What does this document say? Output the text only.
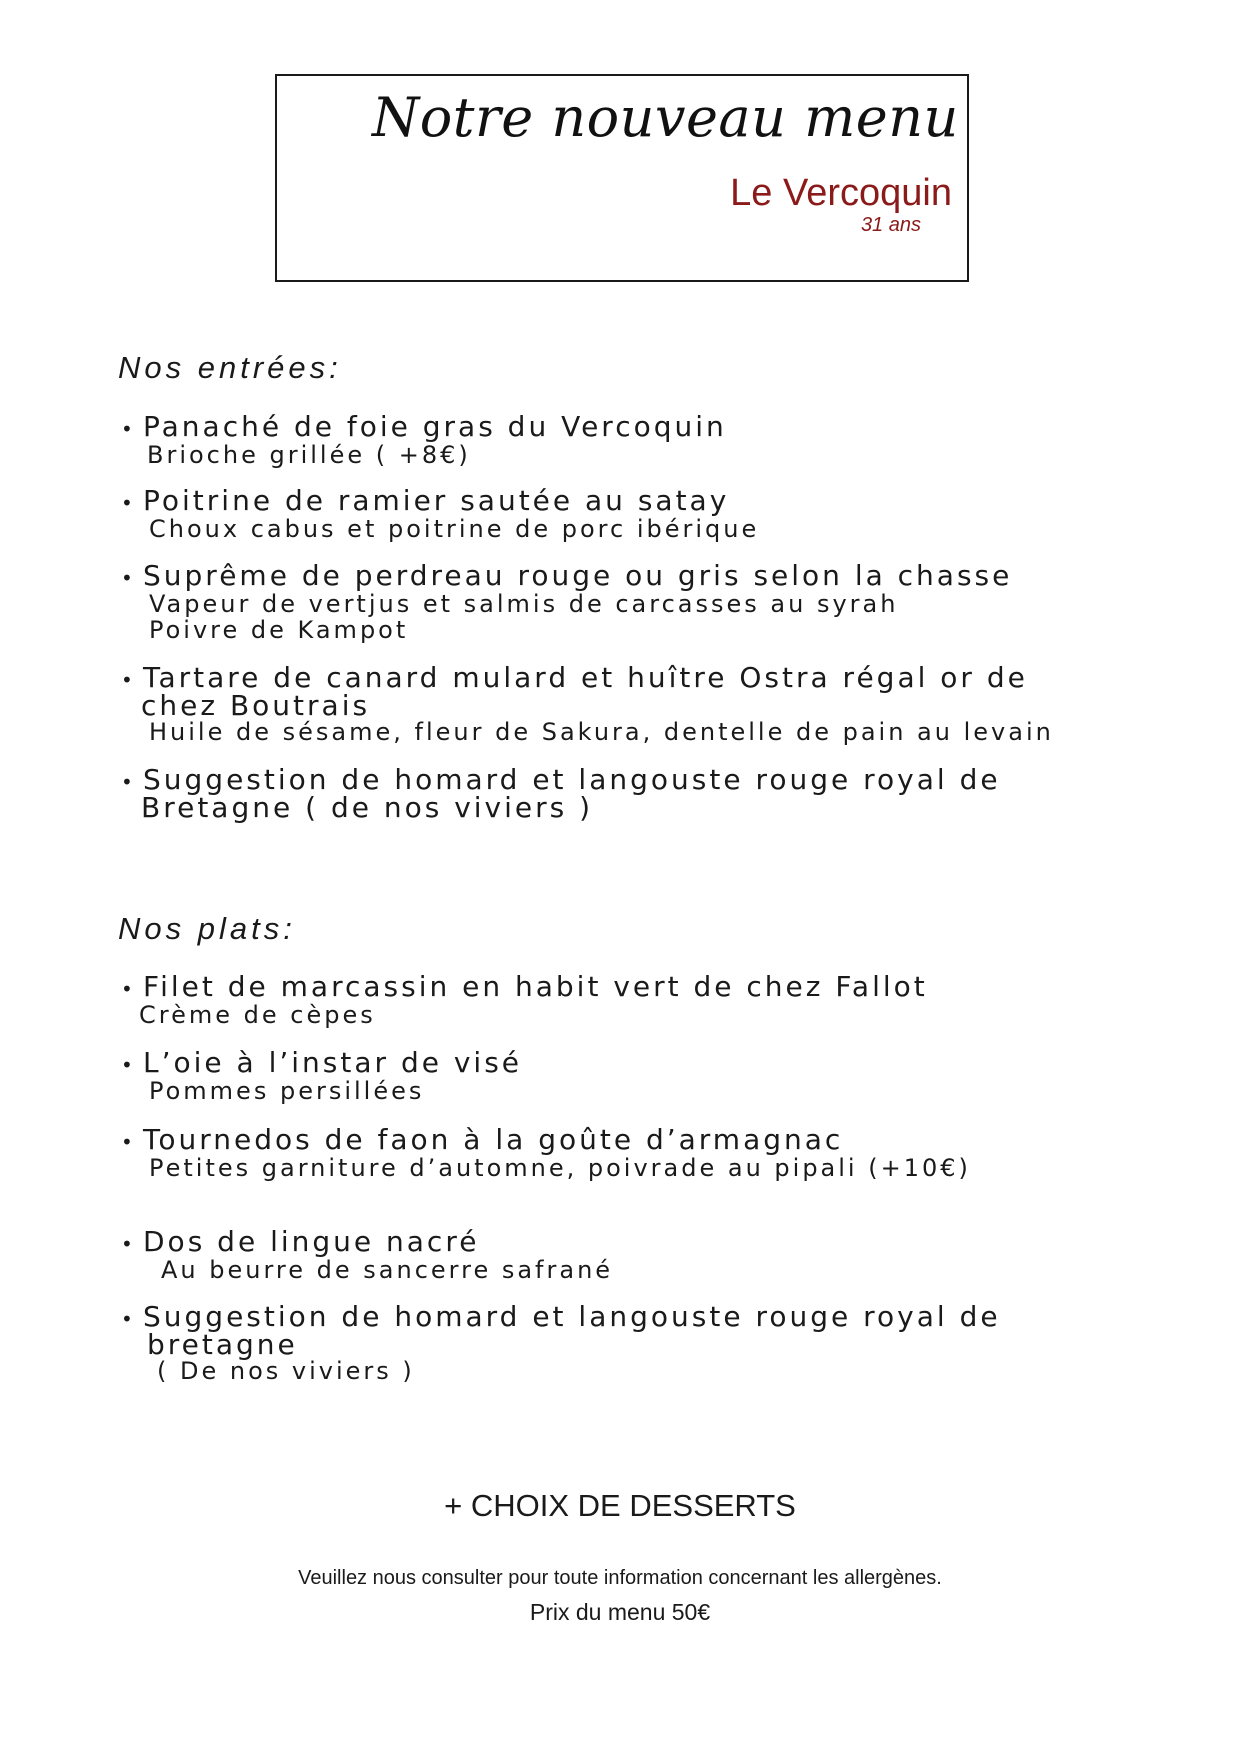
Notre nouveau menu

Le Vercoquin

31 ans

Nos entrées:
• Panaché de foie gras du Vercoquin
Brioche grillée ( +8€)
• Poitrine de ramier sautée au satay
Choux cabus et poitrine de porc ibérique
• Suprême de perdreau rouge ou gris selon la chasse
Vapeur de vertjus et salmis de carcasses au syrah
Poivre de Kampot
• Tartare de canard mulard et huître Ostra régal or de
chez Boutrais
Huile de sésame, fleur de Sakura, dentelle de pain au levain
• Suggestion de homard et langouste rouge royal de
Bretagne ( de nos viviers )
Nos plats:
• Filet de marcassin en habit vert de chez Fallot
Crème de cèpes
• L’oie à l’instar de visé
Pommes persillées
• Tournedos de faon à la goûte d’armagnac
Petites garniture d’automne, poivrade au pipali (+10€)
• Dos de lingue nacré
Au beurre de sancerre safrané
• Suggestion de homard et langouste rouge royal de
bretagne
( De nos viviers )

+ CHOIX DE DESSERTS

Veuillez nous consulter pour toute information concernant les allergènes.

Prix du menu 50€
